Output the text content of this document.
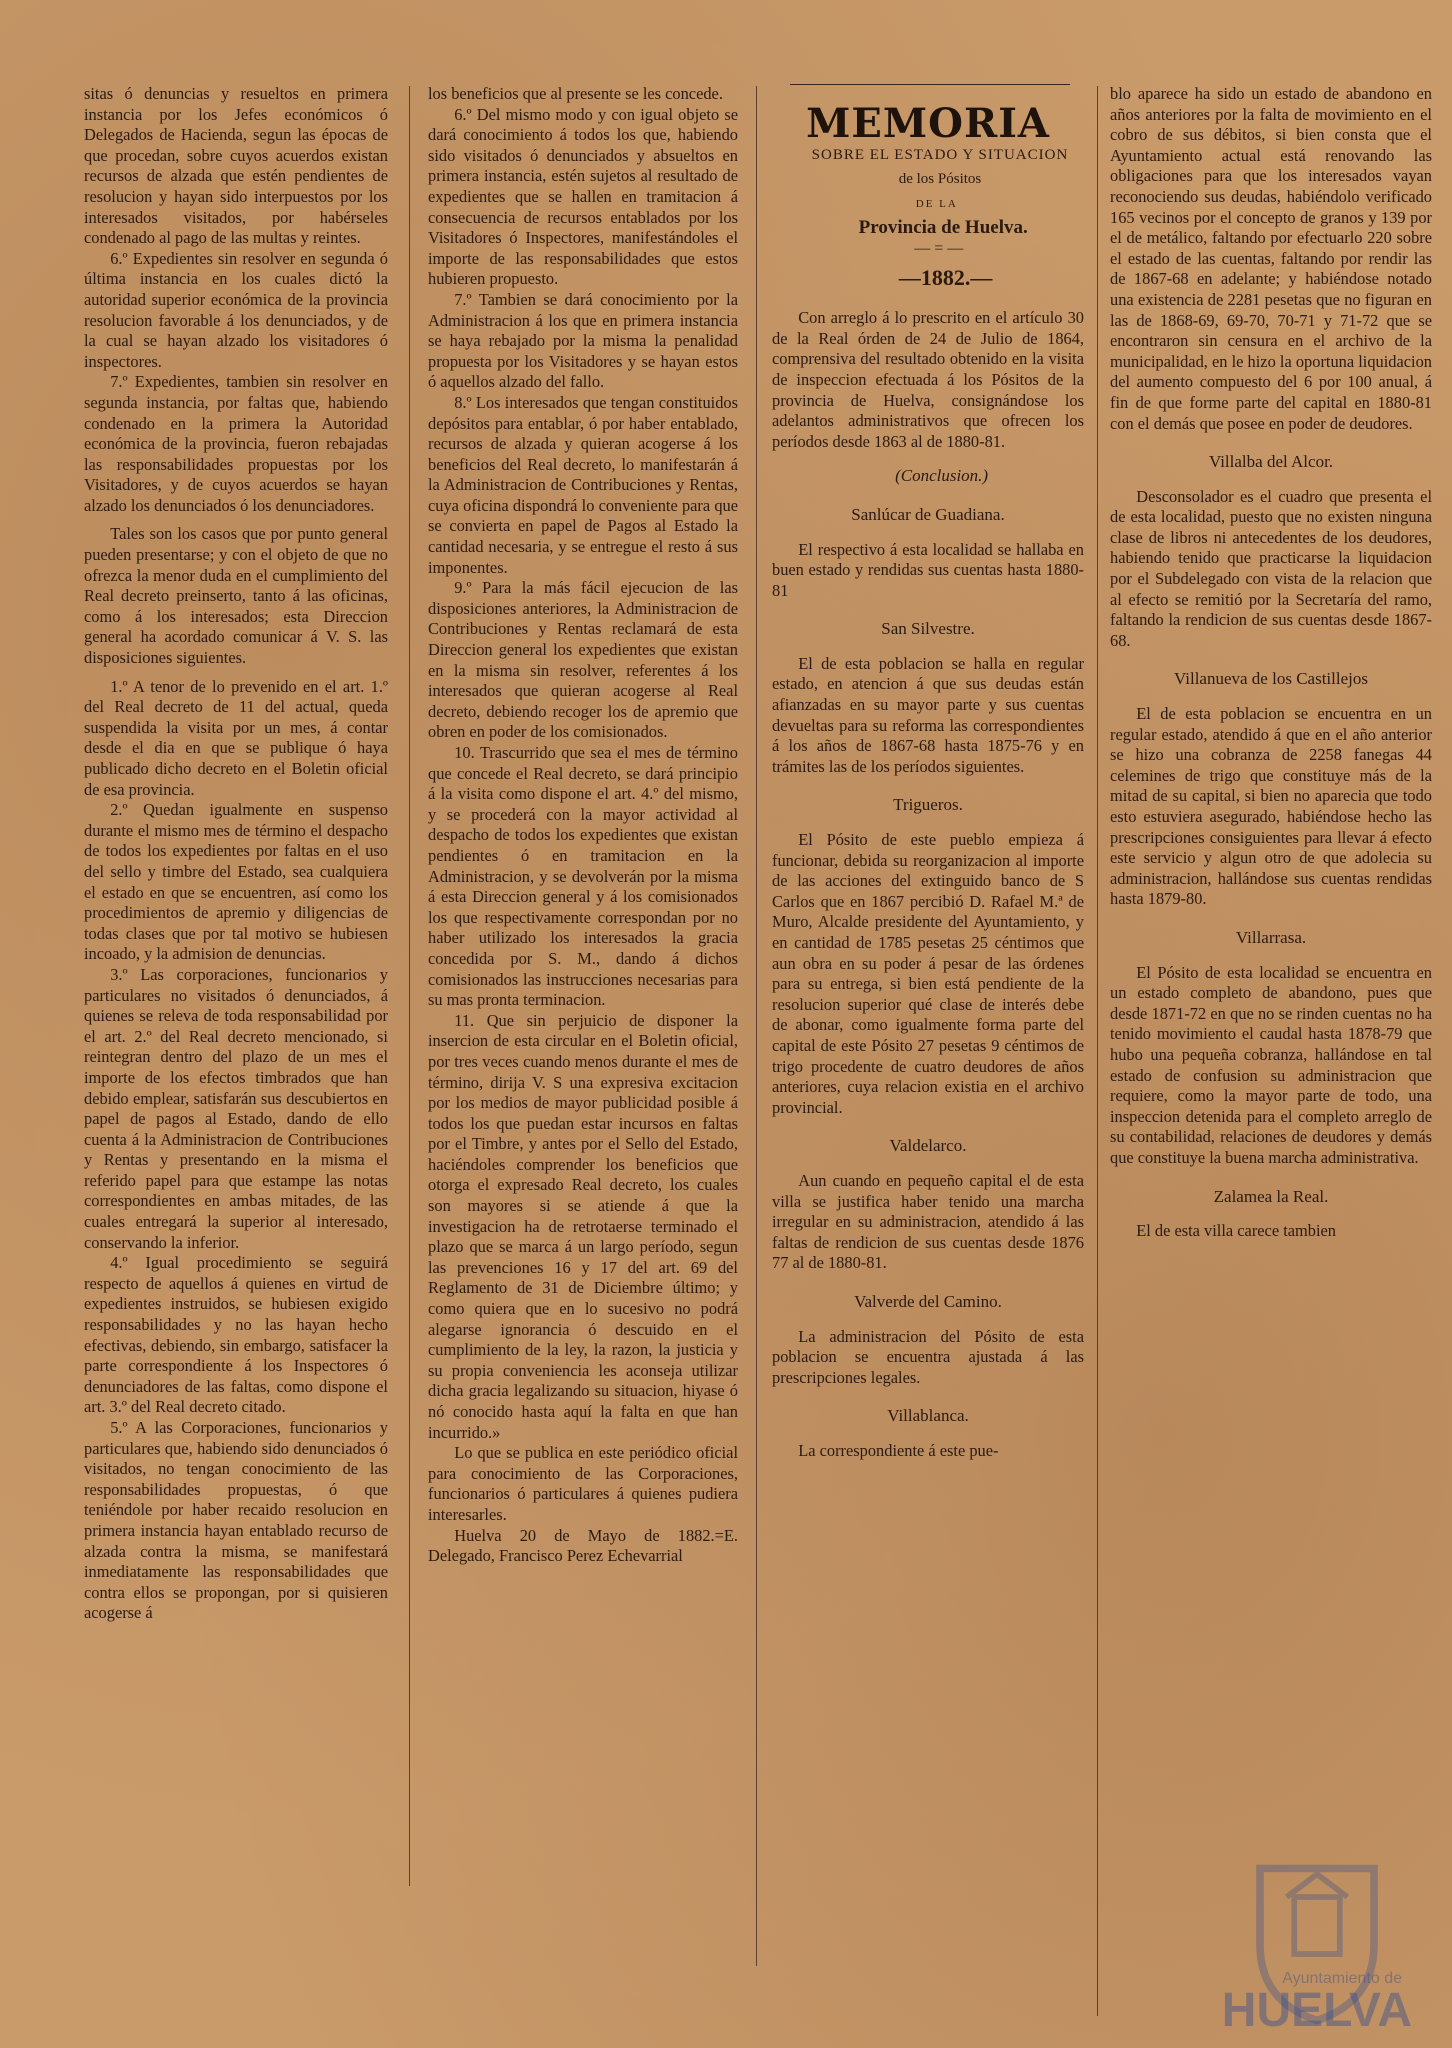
sitas ó denuncias y resueltos en primera instancia por los Jefes económicos ó Delegados de Hacienda, segun las épocas de que procedan, sobre cuyos acuerdos existan recursos de alzada que estén pendientes de resolucion y hayan sido interpuestos por los interesados visitados, por habérseles condenado al pago de las multas y reintes.

6.º Expedientes sin resolver en segunda ó última instancia en los cuales dictó la autoridad superior económica de la provincia resolucion favorable á los denunciados, y de la cual se hayan alzado los visitadores ó inspectores.

7.º Expedientes, tambien sin resolver en segunda instancia, por faltas que, habiendo condenado en la primera la Autoridad económica de la provincia, fueron rebajadas las responsabilidades propuestas por los Visitadores, y de cuyos acuerdos se hayan alzado los denunciados ó los denunciadores.

Tales son los casos que por punto general pueden presentarse; y con el objeto de que no ofrezca la menor duda en el cumplimiento del Real decreto preinserto, tanto á las oficinas, como á los interesados; esta Direccion general ha acordado comunicar á V. S. las disposiciones siguientes.

1.º A tenor de lo prevenido en el art. 1.º del Real decreto de 11 del actual, queda suspendida la visita por un mes, á contar desde el dia en que se publique ó haya publicado dicho decreto en el Boletin oficial de esa provincia.

2.º Quedan igualmente en suspenso durante el mismo mes de término el despacho de todos los expedientes por faltas en el uso del sello y timbre del Estado, sea cualquiera el estado en que se encuentren, así como los procedimientos de apremio y diligencias de todas clases que por tal motivo se hubiesen incoado, y la admision de denuncias.

3.º Las corporaciones, funcionarios y particulares no visitados ó denunciados, á quienes se releva de toda responsabilidad por el art. 2.º del Real decreto mencionado, si reintegran dentro del plazo de un mes el importe de los efectos timbrados que han debido emplear, satisfarán sus descubiertos en papel de pagos al Estado, dando de ello cuenta á la Administracion de Contribuciones y Rentas y presentando en la misma el referido papel para que estampe las notas correspondientes en ambas mitades, de las cuales entregará la superior al interesado, conservando la inferior.

4.º Igual procedimiento se seguirá respecto de aquellos á quienes en virtud de expedientes instruidos, se hubiesen exigido responsabilidades y no las hayan hecho efectivas, debiendo, sin embargo, satisfacer la parte correspondiente á los Inspectores ó denunciadores de las faltas, como dispone el art. 3.º del Real decreto citado.

5.º A las Corporaciones, funcionarios y particulares que, habiendo sido denunciados ó visitados, no tengan conocimiento de las responsabilidades propuestas, ó que teniéndole por haber recaido resolucion en primera instancia hayan entablado recurso de alzada contra la misma, se manifestará inmediatamente las responsabilidades que contra ellos se propongan, por si quisieren acogerse á

los beneficios que al presente se les concede.

6.º Del mismo modo y con igual objeto se dará conocimiento á todos los que, habiendo sido visitados ó denunciados y absueltos en primera instancia, estén sujetos al resultado de expedientes que se hallen en tramitacion á consecuencia de recursos entablados por los Visitadores ó Inspectores, manifestándoles el importe de las responsabilidades que estos hubieren propuesto.

7.º Tambien se dará conocimiento por la Administracion á los que en primera instancia se haya rebajado por la misma la penalidad propuesta por los Visitadores y se hayan estos ó aquellos alzado del fallo.

8.º Los interesados que tengan constituidos depósitos para entablar, ó por haber entablado, recursos de alzada y quieran acogerse á los beneficios del Real decreto, lo manifestarán á la Administracion de Contribuciones y Rentas, cuya oficina dispondrá lo conveniente para que se convierta en papel de Pagos al Estado la cantidad necesaria, y se entregue el resto á sus imponentes.

9.º Para la más fácil ejecucion de las disposiciones anteriores, la Administracion de Contribuciones y Rentas reclamará de esta Direccion general los expedientes que existan en la misma sin resolver, referentes á los interesados que quieran acogerse al Real decreto, debiendo recoger los de apremio que obren en poder de los comisionados.

10. Trascurrido que sea el mes de término que concede el Real decreto, se dará principio á la visita como dispone el art. 4.º del mismo, y se procederá con la mayor actividad al despacho de todos los expedientes que existan pendientes ó en tramitacion en la Administracion, y se devolverán por la misma á esta Direccion general y á los comisionados los que respectivamente correspondan por no haber utilizado los interesados la gracia concedida por S. M., dando á dichos comisionados las instrucciones necesarias para su mas pronta terminacion.

11. Que sin perjuicio de disponer la insercion de esta circular en el Boletin oficial, por tres veces cuando menos durante el mes de término, dirija V. S una expresiva excitacion por los medios de mayor publicidad posible á todos los que puedan estar incursos en faltas por el Timbre, y antes por el Sello del Estado, haciéndoles comprender los beneficios que otorga el expresado Real decreto, los cuales son mayores si se atiende á que la investigacion ha de retrotaerse terminado el plazo que se marca á un largo período, segun las prevenciones 16 y 17 del art. 69 del Reglamento de 31 de Diciembre último; y como quiera que en lo sucesivo no podrá alegarse ignorancia ó descuido en el cumplimiento de la ley, la razon, la justicia y su propia conveniencia les aconseja utilizar dicha gracia legalizando su situacion, hiyase ó nó conocido hasta aquí la falta en que han incurrido.»

Lo que se publica en este periódico oficial para conocimiento de las Corporaciones, funcionarios ó particulares á quienes pudiera interesarles.

Huelva 20 de Mayo de 1882.=E. Delegado, Francisco Perez Echevarrial

MEMORIA

SOBRE EL ESTADO Y SITUACION

de los Pósitos

DE LA

Provincia de Huelva.

—=—

—1882.—

Con arreglo á lo prescrito en el artículo 30 de la Real órden de 24 de Julio de 1864, comprensiva del resultado obtenido en la visita de inspeccion efectuada á los Pósitos de la provincia de Huelva, consignándose los adelantos administrativos que ofrecen los períodos desde 1863 al de 1880-81.

(Conclusion.)

Sanlúcar de Guadiana.

El respectivo á esta localidad se hallaba en buen estado y rendidas sus cuentas hasta 1880-81

San Silvestre.

El de esta poblacion se halla en regular estado, en atencion á que sus deudas están afianzadas en su mayor parte y sus cuentas devueltas para su reforma las correspondientes á los años de 1867-68 hasta 1875-76 y en trámites las de los períodos siguientes.

Trigueros.

El Pósito de este pueblo empieza á funcionar, debida su reorganizacion al importe de las acciones del extinguido banco de S Carlos que en 1867 percibió D. Rafael M.ª de Muro, Alcalde presidente del Ayuntamiento, y en cantidad de 1785 pesetas 25 céntimos que aun obra en su poder á pesar de las órdenes para su entrega, si bien está pendiente de la resolucion superior qué clase de interés debe de abonar, como igualmente forma parte del capital de este Pósito 27 pesetas 9 céntimos de trigo procedente de cuatro deudores de años anteriores, cuya relacion existia en el archivo provincial.

Valdelarco.

Aun cuando en pequeño capital el de esta villa se justifica haber tenido una marcha irregular en su administracion, atendido á las faltas de rendicion de sus cuentas desde 1876 77 al de 1880-81.

Valverde del Camino.

La administracion del Pósito de esta poblacion se encuentra ajustada á las prescripciones legales.

Villablanca.

La correspondiente á este pue-

blo aparece ha sido un estado de abandono en años anteriores por la falta de movimiento en el cobro de sus débitos, si bien consta que el Ayuntamiento actual está renovando las obligaciones para que los interesados vayan reconociendo sus deudas, habiéndolo verificado 165 vecinos por el concepto de granos y 139 por el de metálico, faltando por efectuarlo 220 sobre el estado de las cuentas, faltando por rendir las de 1867-68 en adelante; y habiéndose notado una existencia de 2281 pesetas que no figuran en las de 1868-69, 69-70, 70-71 y 71-72 que se encontraron sin censura en el archivo de la municipalidad, en le hizo la oportuna liquidacion del aumento compuesto del 6 por 100 anual, á fin de que forme parte del capital en 1880-81 con el demás que posee en poder de deudores.

Villalba del Alcor.

Desconsolador es el cuadro que presenta el de esta localidad, puesto que no existen ninguna clase de libros ni antecedentes de los deudores, habiendo tenido que practicarse la liquidacion por el Subdelegado con vista de la relacion que al efecto se remitió por la Secretaría del ramo, faltando la rendicion de sus cuentas desde 1867-68.

Villanueva de los Castillejos

El de esta poblacion se encuentra en un regular estado, atendido á que en el año anterior se hizo una cobranza de 2258 fanegas 44 celemines de trigo que constituye más de la mitad de su capital, si bien no aparecia que todo esto estuviera asegurado, habiéndose hecho las prescripciones consiguientes para llevar á efecto este servicio y algun otro de que adolecia su administracion, hallándose sus cuentas rendidas hasta 1879-80.

Villarrasa.

El Pósito de esta localidad se encuentra en un estado completo de abandono, pues que desde 1871-72 en que no se rinden cuentas no ha tenido movimiento el caudal hasta 1878-79 que hubo una pequeña cobranza, hallándose en tal estado de confusion su administracion que requiere, como la mayor parte de todo, una inspeccion detenida para el completo arreglo de su contabilidad, relaciones de deudores y demás que constituye la buena marcha administrativa.

Zalamea la Real.

El de esta villa carece tambien

Ayuntamiento de
HUELVA
